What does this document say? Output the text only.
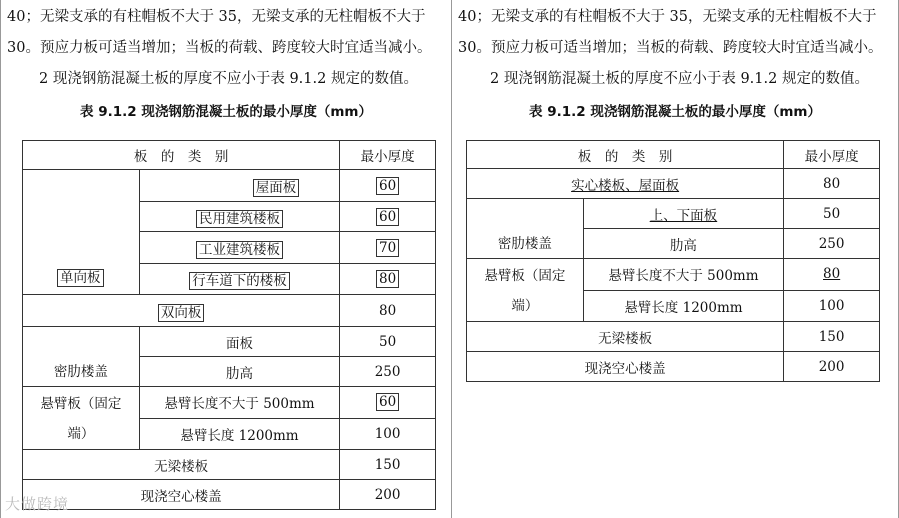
40；无梁支承的有柱帽板不大于 35，无梁支承的无柱帽板不大于
30。预应力板可适当增加；当板的荷载、跨度较大时宜适当减小。
2 现浇钢筋混凝土板的厚度不应小于表 9.1.2 规定的数值。
表 9.1.2 现浇钢筋混凝土板的最小厚度（mm）
板　的　类　别		最小厚度
单向板	屋面板	60
	民用建筑楼板	60
	工业建筑楼板	70
	行车道下的楼板	80
双向板		80
密肋楼盖	面板	50
	肋高	250

悬臂板（固定
端）	悬臂长度不大于 500mm	60
	悬臂长度 1200mm	100
无梁楼板		150
现浇空心楼盖		200
大做跨境
40；无梁支承的有柱帽板不大于 35，无梁支承的无柱帽板不大于
30。预应力板可适当增加；当板的荷载、跨度较大时宜适当减小。
2 现浇钢筋混凝土板的厚度不应小于表 9.1.2 规定的数值。
表 9.1.2 现浇钢筋混凝土板的最小厚度（mm）
板　的　类　别		最小厚度
实心楼板、屋面板		80
密肋楼盖	上、下面板	50
	肋高	250

悬臂板（固定
端）	悬臂长度不大于 500mm	80
	悬臂长度 1200mm	100
无梁楼板		150
现浇空心楼盖		200
